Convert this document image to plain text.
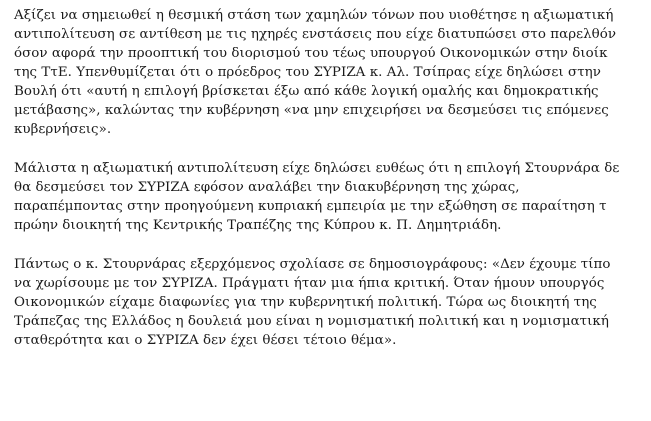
Αξίζει να σημειωθεί η θεσμική στάση των χαμηλών τόνων που υιοθέτησε η αξιωματική
αντιπολίτευση σε αντίθεση με τις ηχηρές ενστάσεις που είχε διατυπώσει στο παρελθόν
όσον αφορά την προοπτική του διορισμού του τέως υπουργού Οικονομικών στην διοίκ
της ΤτΕ. Υπενθυμίζεται ότι ο πρόεδρος του ΣΥΡΙΖΑ κ. Αλ. Τσίπρας είχε δηλώσει στην
Βουλή ότι «αυτή η επιλογή βρίσκεται έξω από κάθε λογική ομαλής και δημοκρατικής
μετάβασης», καλώντας την κυβέρνηση «να μην επιχειρήσει να δεσμεύσει τις επόμενες
κυβερνήσεις».

Μάλιστα η αξιωματική αντιπολίτευση είχε δηλώσει ευθέως ότι η επιλογή Στουρνάρα δε
θα δεσμεύσει τον ΣΥΡΙΖΑ εφόσον αναλάβει την διακυβέρνηση της χώρας,
παραπέμποντας στην προηγούμενη κυπριακή εμπειρία με την εξώθηση σε παραίτηση τ
πρώην διοικητή της Κεντρικής Τραπέζης της Κύπρου κ. Π. Δημητριάδη.

Πάντως ο κ. Στουρνάρας εξερχόμενος σχολίασε σε δημοσιογράφους: «Δεν έχουμε τίπο
να χωρίσουμε με τον ΣΥΡΙΖΑ. Πράγματι ήταν μια ήπια κριτική. Όταν ήμουν υπουργός
Οικονομικών είχαμε διαφωνίες για την κυβερνητική πολιτική. Τώρα ως διοικητή της
Τράπεζας της Ελλάδος η δουλειά μου είναι η νομισματική πολιτική και η νομισματική
σταθερότητα και ο ΣΥΡΙΖΑ δεν έχει θέσει τέτοιο θέμα».
